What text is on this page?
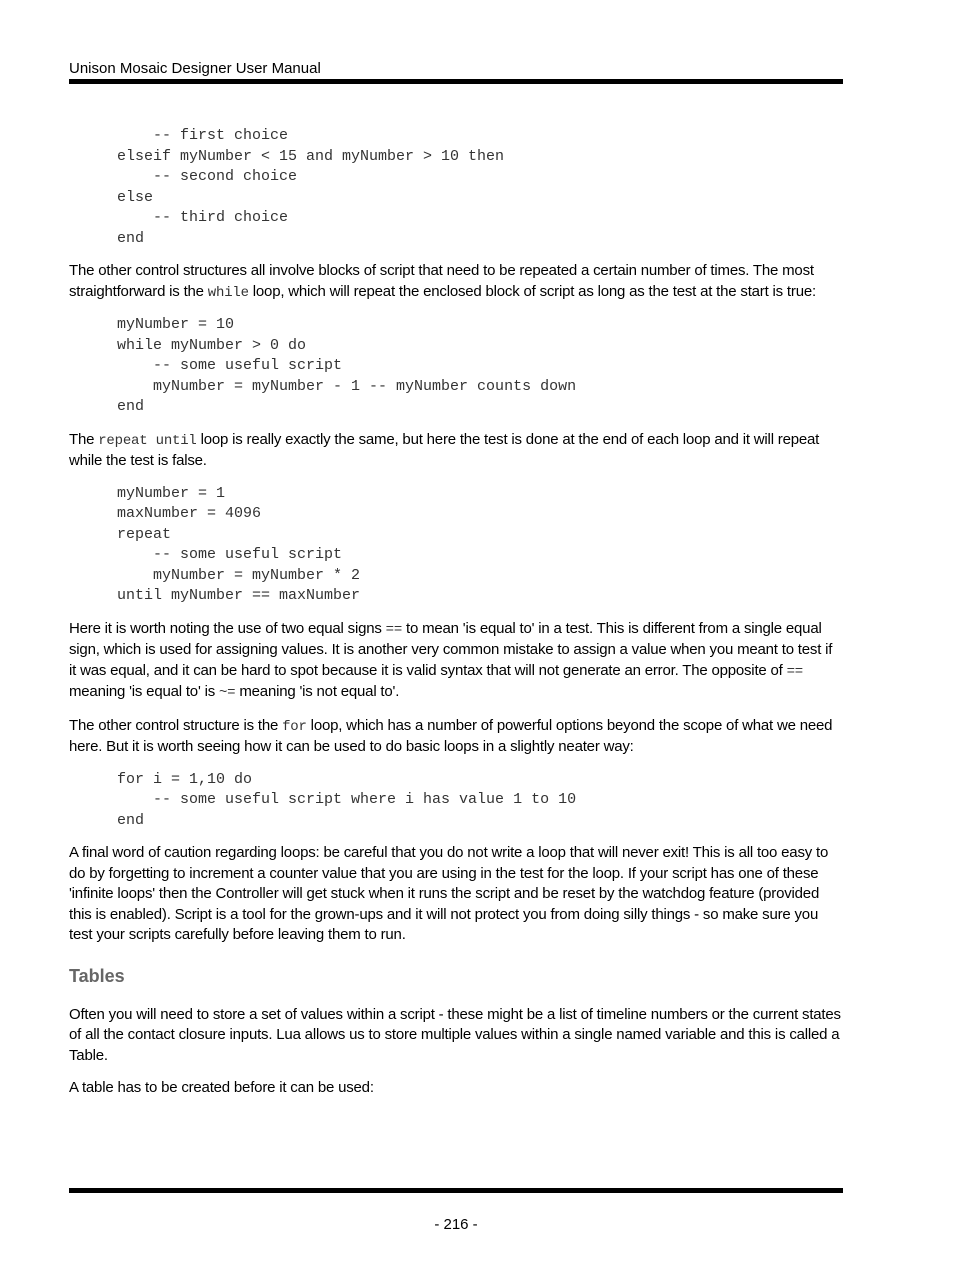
Unison Mosaic Designer User Manual
-- first choice
elseif myNumber < 15 and myNumber > 10 then
-- second choice
else
-- third choice
end

The other control structures all involve blocks of script that need to be repeated a certain number of times. The most straightforward is the while loop, which will repeat the enclosed block of script as long as the test at the start is true:

myNumber = 10
while myNumber > 0 do
-- some useful script
myNumber = myNumber - 1 -- myNumber counts down
end

The repeat until loop is really exactly the same, but here the test is done at the end of each loop and it will repeat while the test is false.

myNumber = 1
maxNumber = 4096
repeat
-- some useful script
myNumber = myNumber * 2
until myNumber == maxNumber

Here it is worth noting the use of two equal signs == to mean 'is equal to' in a test. This is different from a single equal sign, which is used for assigning values. It is another very common mistake to assign a value when you meant to test if it was equal, and it can be hard to spot because it is valid syntax that will not generate an error. The opposite of == meaning 'is equal to' is ~= meaning 'is not equal to'.

The other control structure is the for loop, which has a number of powerful options beyond the scope of what we need here. But it is worth seeing how it can be used to do basic loops in a slightly neater way:

for i = 1,10 do
-- some useful script where i has value 1 to 10
end

A final word of caution regarding loops: be careful that you do not write a loop that will never exit! This is all too easy to do by forgetting to increment a counter value that you are using in the test for the loop. If your script has one of these 'infinite loops' then the Controller will get stuck when it runs the script and be reset by the watchdog feature (provided this is enabled). Script is a tool for the grown-ups and it will not protect you from doing silly things - so make sure you test your scripts carefully before leaving them to run.

Tables

Often you will need to store a set of values within a script - these might be a list of timeline numbers or the current states of all the contact closure inputs. Lua allows us to store multiple values within a single named variable and this is called a Table.

A table has to be created before it can be used:

- 216 -
